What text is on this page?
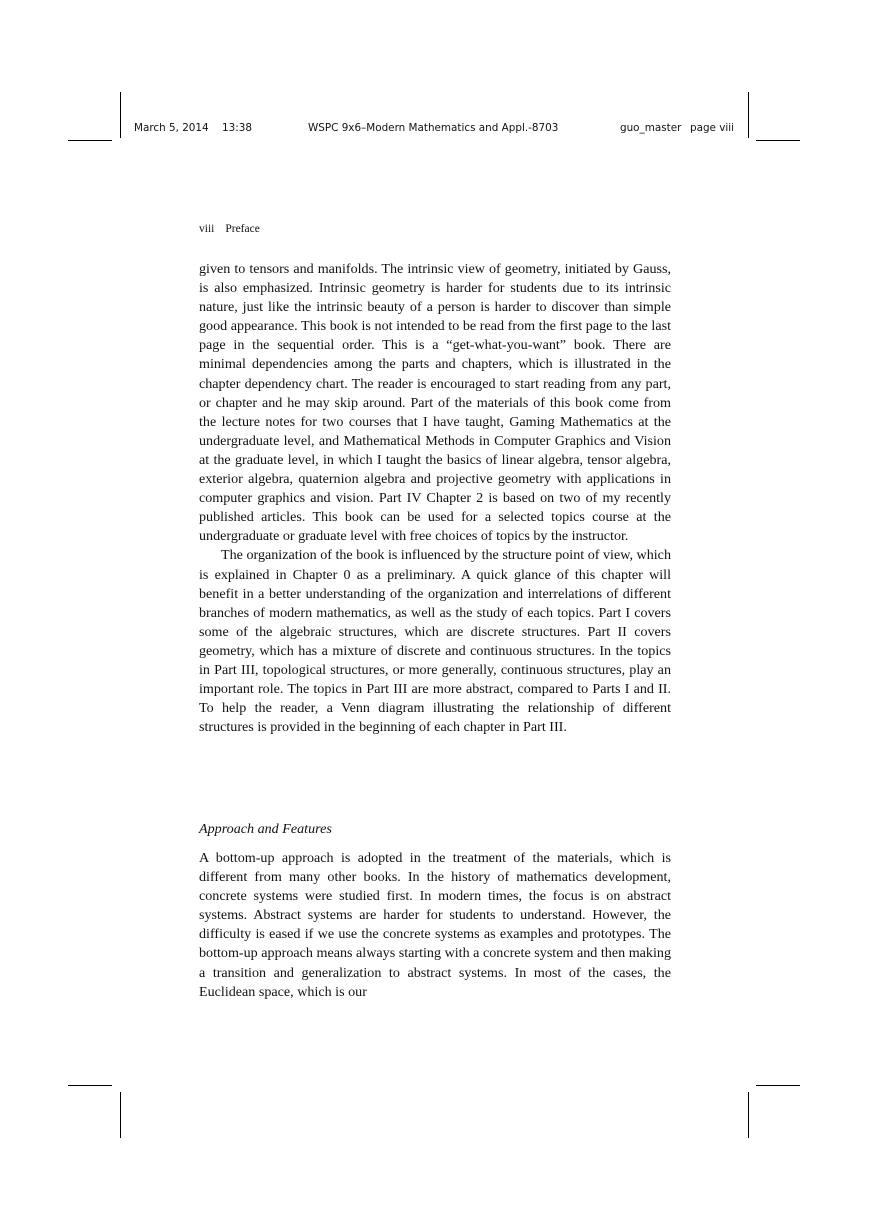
March 5, 2014 13:38	WSPC 9x6–Modern Mathematics and Appl.-8703	guo_master page viii
viii Preface

given to tensors and manifolds. The intrinsic view of geometry, initiated by Gauss, is also emphasized. Intrinsic geometry is harder for students due to its intrinsic nature, just like the intrinsic beauty of a person is harder to discover than simple good appearance. This book is not intended to be read from the first page to the last page in the sequential order. This is a “get-what-you-want” book. There are minimal dependencies among the parts and chapters, which is illustrated in the chapter dependency chart. The reader is encouraged to start reading from any part, or chapter and he may skip around. Part of the materials of this book come from the lecture notes for two courses that I have taught, Gaming Mathematics at the undergraduate level, and Mathematical Methods in Computer Graphics and Vision at the graduate level, in which I taught the basics of linear algebra, tensor algebra, exterior algebra, quaternion algebra and projective geometry with applications in computer graphics and vision. Part IV Chapter 2 is based on two of my recently published articles. This book can be used for a selected topics course at the undergraduate or graduate level with free choices of topics by the instructor.

The organization of the book is influenced by the structure point of view, which is explained in Chapter 0 as a preliminary. A quick glance of this chapter will benefit in a better understanding of the organization and interrelations of different branches of modern mathematics, as well as the study of each topics. Part I covers some of the algebraic structures, which are discrete structures. Part II covers geometry, which has a mixture of discrete and continuous structures. In the topics in Part III, topological structures, or more generally, continuous structures, play an important role. The topics in Part III are more abstract, compared to Parts I and II. To help the reader, a Venn diagram illustrating the relationship of different structures is provided in the beginning of each chapter in Part III.

Approach and Features

A bottom-up approach is adopted in the treatment of the materials, which is different from many other books. In the history of mathematics development, concrete systems were studied first. In modern times, the focus is on abstract systems. Abstract systems are harder for students to understand. However, the difficulty is eased if we use the concrete systems as examples and prototypes. The bottom-up approach means always starting with a concrete system and then making a transition and generalization to abstract systems. In most of the cases, the Euclidean space, which is our
